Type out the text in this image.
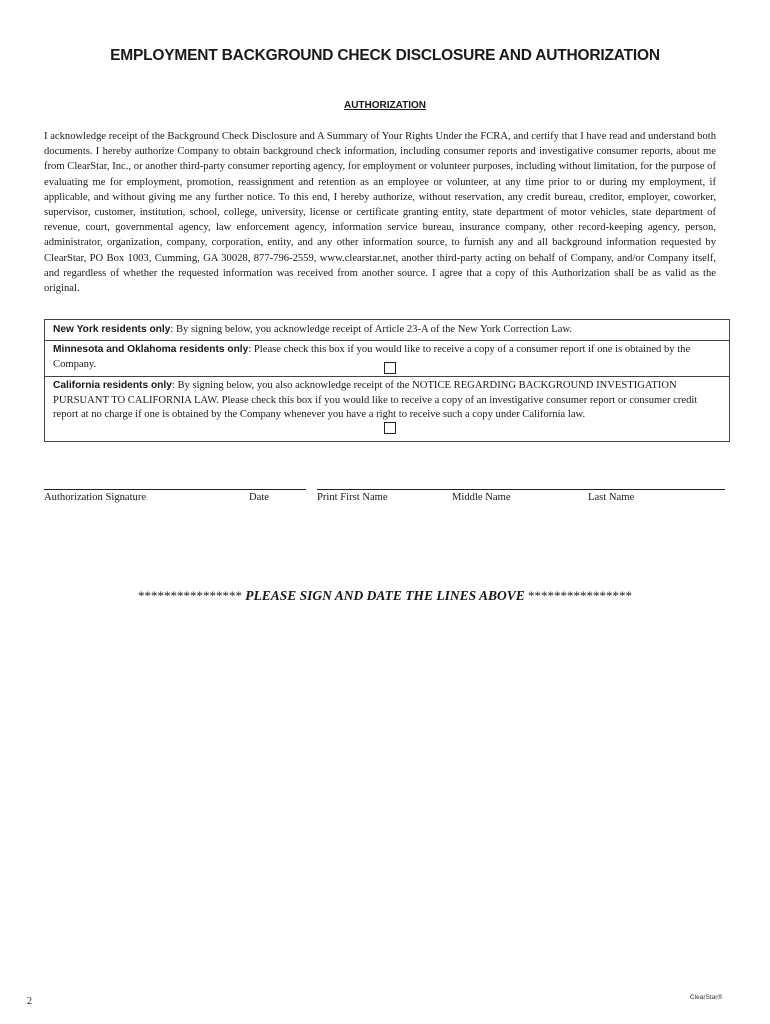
EMPLOYMENT BACKGROUND CHECK DISCLOSURE AND AUTHORIZATION
AUTHORIZATION

I acknowledge receipt of the Background Check Disclosure and A Summary of Your Rights Under the FCRA, and certify that I have read and understand both documents. I hereby authorize Company to obtain background check information, including consumer reports and investigative consumer reports, about me from ClearStar, Inc., or another third-party consumer reporting agency, for employment or volunteer purposes, including without limitation, for the purpose of evaluating me for employment, promotion, reassignment and retention as an employee or volunteer, at any time prior to or during my employment, if applicable, and without giving me any further notice. To this end, I hereby authorize, without reservation, any credit bureau, creditor, employer, coworker, supervisor, customer, institution, school, college, university, license or certificate granting entity, state department of motor vehicles, state department of revenue, court, governmental agency, law enforcement agency, information service bureau, insurance company, other record-keeping agency, person, administrator, organization, company, corporation, entity, and any other information source, to furnish any and all background information requested by ClearStar, PO Box 1003, Cumming, GA 30028, 877-796-2559, www.clearstar.net, another third-party acting on behalf of Company, and/or Company itself, and regardless of whether the requested information was received from another source. I agree that a copy of this Authorization shall be as valid as the original.

New York residents only: By signing below, you acknowledge receipt of Article 23-A of the New York Correction Law.
Minnesota and Oklahoma residents only: Please check this box if you would like to receive a copy of a consumer report if one is obtained by the Company.
California residents only: By signing below, you also acknowledge receipt of the NOTICE REGARDING BACKGROUND INVESTIGATION PURSUANT TO CALIFORNIA LAW. Please check this box if you would like to receive a copy of an investigative consumer report or consumer credit report at no charge if one is obtained by the Company whenever you have a right to receive such a copy under California law.
Authorization Signature	Date	Print First Name	Middle Name	Last Name
**************** PLEASE SIGN AND DATE THE LINES ABOVE ****************
2	ClearStar®
